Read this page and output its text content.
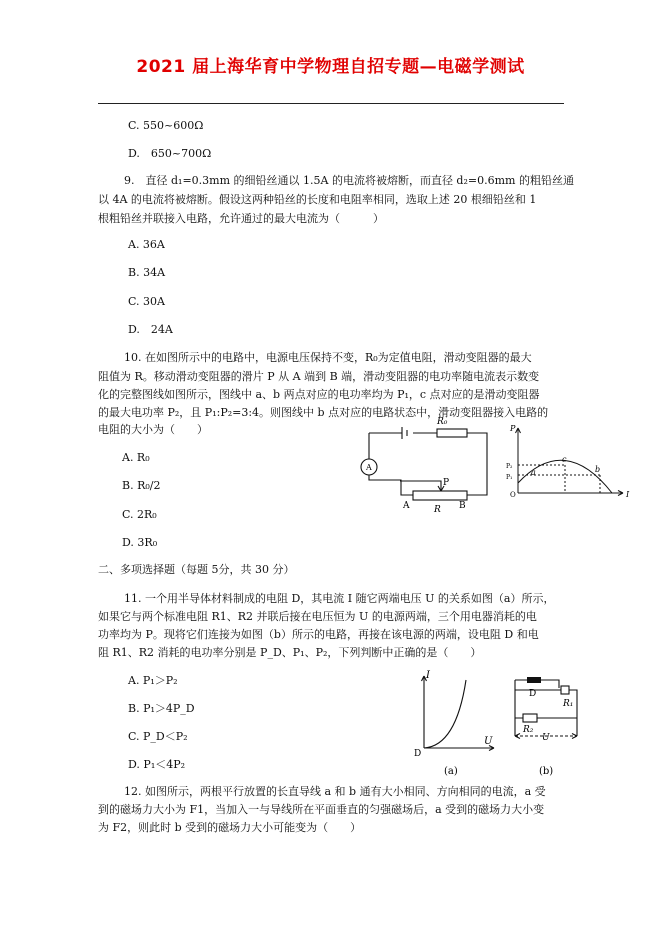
2021 届上海华育中学物理自招专题—电磁学测试
C. 550~600Ω
D.　650~700Ω
9.　直径 d₁=0.3mm 的细铅丝通以 1.5A 的电流将被熔断，而直径 d₂=0.6mm 的粗铅丝通
以 4A 的电流将被熔断。假设这两种铅丝的长度和电阻率相同，选取上述 20 根细铅丝和 1
根粗铅丝并联接入电路，允许通过的最大电流为（　　　）
A. 36A
B. 34A
C. 30A
D.　24A
10. 在如图所示中的电路中，电源电压保持不变，R₀为定值电阻，滑动变阻器的最大
阻值为 R。移动滑动变阻器的滑片 P 从 A 端到 B 端，滑动变阻器的电功率随电流表示数变
化的完整图线如图所示，图线中 a、b 两点对应的电功率均为 P₁，c 点对应的是滑动变阻器
的最大电功率 P₂，且 P₁:P₂=3:4。则图线中 b 点对应的电路状态中，滑动变阻器接入电路的
电阻的大小为（　　）
A. R₀
B. R₀/2
C. 2R₀
D. 3R₀
R₀
A
P
A	R B
P
I
P₂
P₁
O
a
c
b
二、多项选择题（每题 5分，共 30 分）
11. 一个用半导体材料制成的电阻 D，其电流 I 随它两端电压 U 的关系如图（a）所示，
如果它与两个标准电阻 R1、R2 并联后接在电压恒为 U 的电源两端，三个用电器消耗的电
功率均为 P。现将它们连接为如图（b）所示的电路，再接在该电源的两端，设电阻 D 和电
阻 R1、R2 消耗的电功率分别是 P_D、P₁、P₂，下列判断中正确的是（　　）
A. P₁＞P₂
B. P₁＞4P_D
C. P_D＜P₂
D. P₁＜4P₂
I
U
D
(a)
D
R₁
R₂
U
(b)
12. 如图所示，两根平行放置的长直导线 a 和 b 通有大小相同、方向相同的电流，a 受
到的磁场力大小为 F1，当加入一与导线所在平面垂直的匀强磁场后，a 受到的磁场力大小变
为 F2，则此时 b 受到的磁场力大小可能变为（　　）
